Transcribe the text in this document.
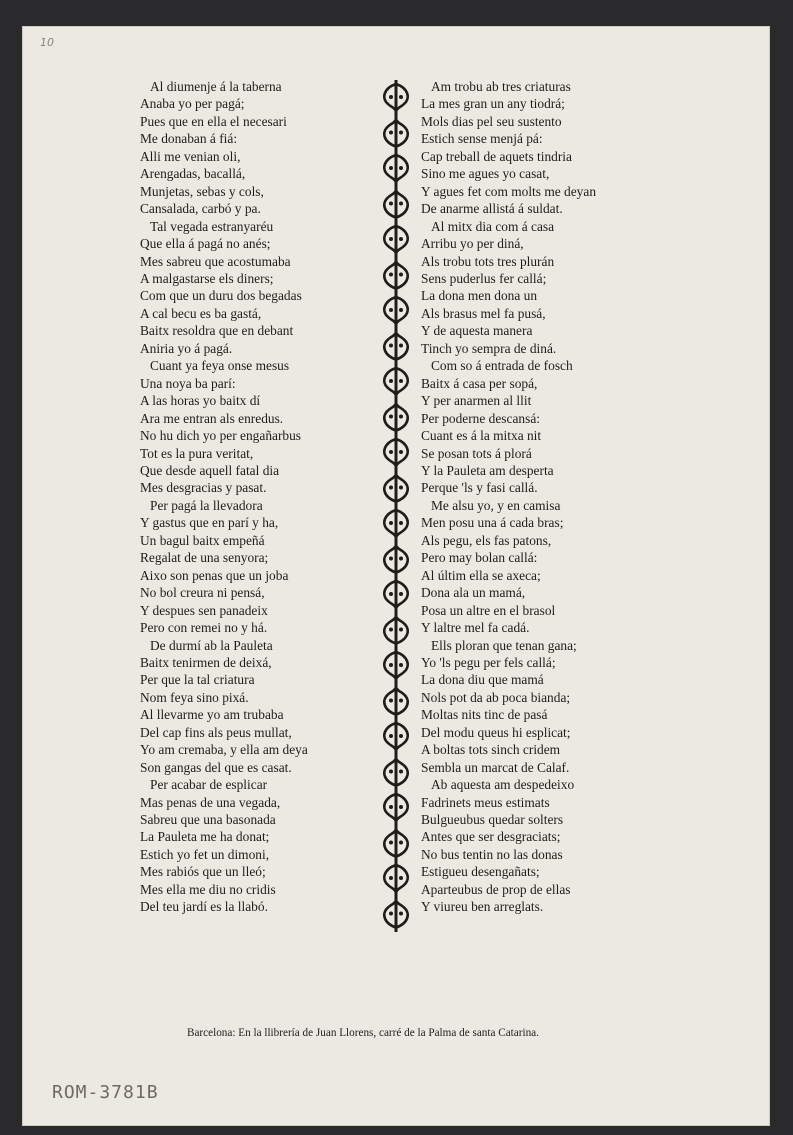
10
Al diumenje á la taberna
Anaba yo per pagá;
Pues que en ella el necesari
Me donaban á fiá:
Alli me venian oli,
Arengadas, bacallá,
Munjetas, sebas y cols,
Cansalada, carbó y pa.
Tal vegada estranyaréu
Que ella á pagá no anés;
Mes sabreu que acostumaba
A malgastarse els diners;
Com que un duru dos begadas
A cal becu es ba gastá,
Baitx resoldra que en debant
Aniria yo á pagá.
Cuant ya feya onse mesus
Una noya ba parí:
A las horas yo baitx dí
Ara me entran als enredus.
No hu dich yo per engañarbus
Tot es la pura veritat,
Que desde aquell fatal dia
Mes desgracias y pasat.
Per pagá la llevadora
Y gastus que en parí y ha,
Un bagul baitx empeñá
Regalat de una senyora;
Aixo son penas que un joba
No bol creura ni pensá,
Y despues sen panadeix
Pero con remei no y há.
De durmí ab la Pauleta
Baitx tenirmen de deixá,
Per que la tal criatura
Nom feya sino pixá.
Al llevarme yo am trubaba
Del cap fins als peus mullat,
Yo am cremaba, y ella am deya
Son gangas del que es casat.
Per acabar de esplicar
Mas penas de una vegada,
Sabreu que una basonada
La Pauleta me ha donat;
Estich yo fet un dimoni,
Mes rabiós que un lleó;
Mes ella me diu no cridis
Del teu jardí es la llabó.
Am trobu ab tres criaturas
La mes gran un any tiodrá;
Mols dias pel seu sustento
Estich sense menjá pá:
Cap treball de aquets tindria
Sino me agues yo casat,
Y agues fet com molts me deyan
De anarme allistá á suldat.
Al mitx dia com á casa
Arribu yo per diná,
Als trobu tots tres plurán
Sens puderlus fer callá;
La dona men dona un
Als brasus mel fa pusá,
Y de aquesta manera
Tinch yo sempra de diná.
Com so á entrada de fosch
Baitx á casa per sopá,
Y per anarmen al llit
Per poderne descansá:
Cuant es á la mitxa nit
Se posan tots á plorá
Y la Pauleta am desperta
Perque 'ls y fasi callá.
Me alsu yo, y en camisa
Men posu una á cada bras;
Als pegu, els fas patons,
Pero may bolan callá:
Al últim ella se axeca;
Dona ala un mamá,
Posa un altre en el brasol
Y laltre mel fa cadá.
Ells ploran que tenan gana;
Yo 'ls pegu per fels callá;
La dona diu que mamá
Nols pot da ab poca bianda;
Moltas nits tinc de pasá
Del modu queus hi esplicat;
A boltas tots sinch cridem
Sembla un marcat de Calaf.
Ab aquesta am despedeixo
Fadrinets meus estimats
Bulgueubus quedar solters
Antes que ser desgraciats;
No bus tentin no las donas
Estigueu desengañats;
Aparteubus de prop de ellas
Y viureu ben arreglats.
Barcelona: En la llibrería de Juan Llorens, carré de la Palma de santa Catarina.
ROM-3781B
